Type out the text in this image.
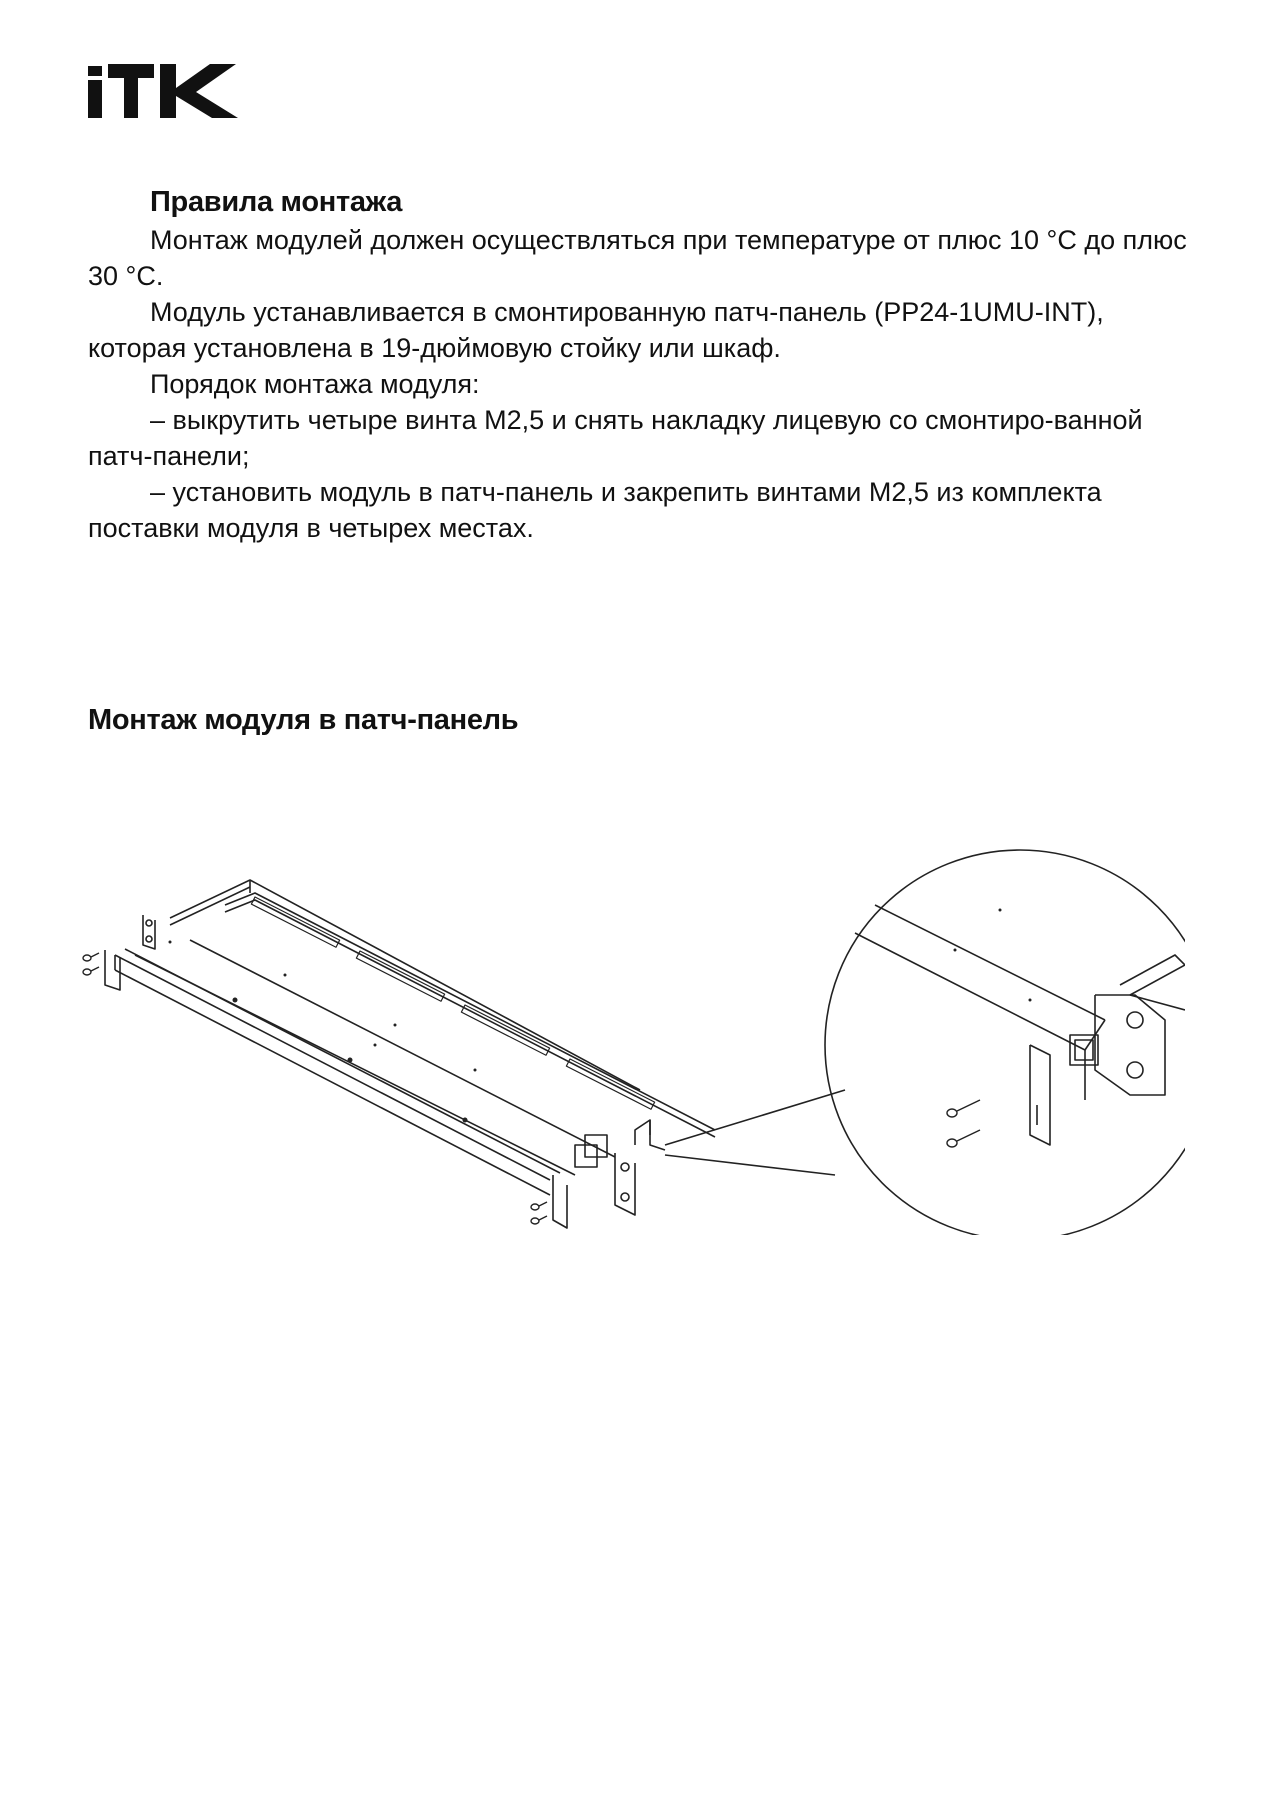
Правила монтажа

Монтаж модулей должен осуществляться при температуре от плюс 10 °C до плюс 30 °C.

Модуль устанавливается в смонтированную патч-панель (PP24-1UMU-INT), которая установлена в 19-дюймовую стойку или шкаф.

Порядок монтажа модуля:

– выкрутить четыре винта М2,5 и снять накладку лицевую со смонтиро-ванной патч-панели;

– установить модуль в патч-панель и закрепить винтами М2,5 из комплекта поставки модуля в четырех местах.

Монтаж модуля в патч-панель
